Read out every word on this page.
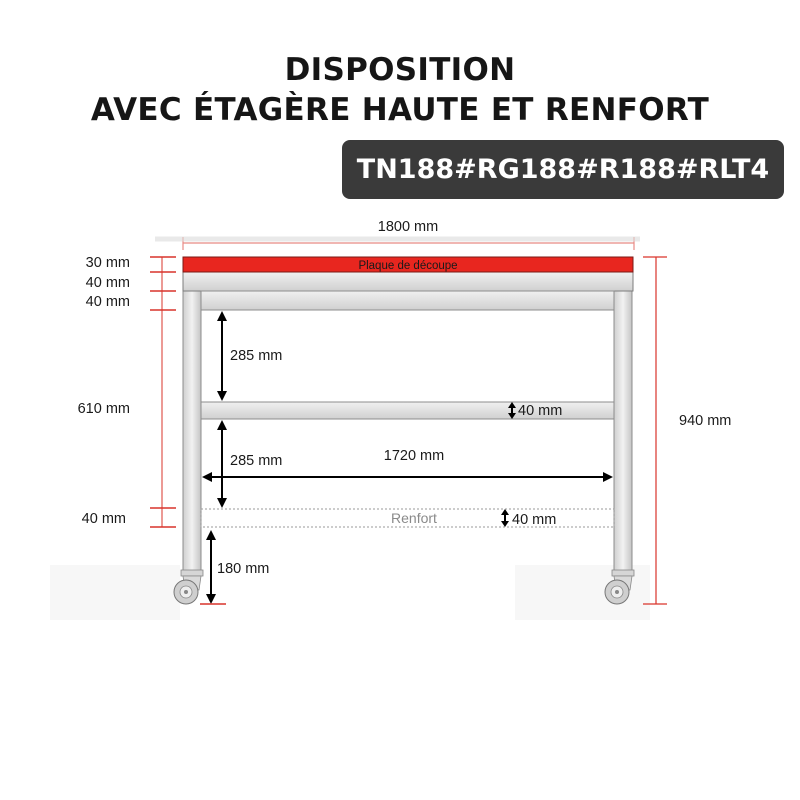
DISPOSITION
AVEC ÉTAGÈRE HAUTE ET RENFORT
TN188#RG188#R188#RLT4
1800 mm
Renfort
Plaque de découpe
30 mm
40 mm
40 mm
610 mm
40 mm
285 mm
285 mm	1720 mm
40 mm
40 mm
180 mm
940 mm
